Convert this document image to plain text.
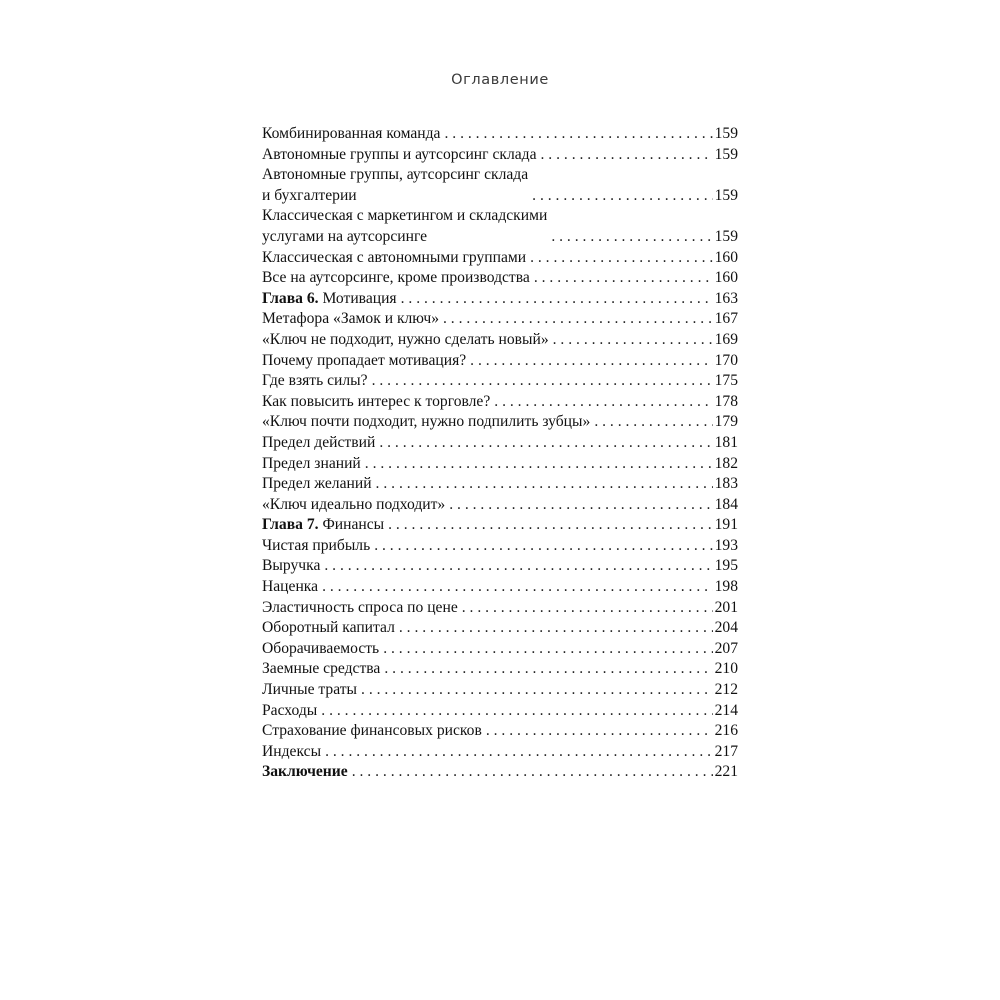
Оглавление
Комбинированная команда . . .	159
Автономные группы и аутсорсинг склада . . .	159
Автономные группы, аутсорсинг склада
и бухгалтерии . . .	159
Классическая с маркетингом и складскими
услугами на аутсорсинге . . .	159
Классическая с автономными группами . . .	160
Все на аутсорсинге, кроме производства . . .	160
Глава 6. Мотивация . . .	163
Метафора «Замок и ключ» . . .	167
«Ключ не подходит, нужно сделать новый» . . .	169
Почему пропадает мотивация? . . .	170
Где взять силы? . . .	175
Как повысить интерес к торговле? . . .	178
«Ключ почти подходит, нужно подпилить зубцы» . . .	179
Предел действий . . .	181
Предел знаний . . .	182
Предел желаний . . .	183
«Ключ идеально подходит» . . .	184
Глава 7. Финансы . . .	191
Чистая прибыль . . .	193
Выручка . . .	195
Наценка . . .	198
Эластичность спроса по цене . . .	201
Оборотный капитал . . .	204
Оборачиваемость . . .	207
Заемные средства . . .	210
Личные траты . . .	212
Расходы . . .	214
Страхование финансовых рисков . . .	216
Индексы . . .	217
Заключение . . .	221
